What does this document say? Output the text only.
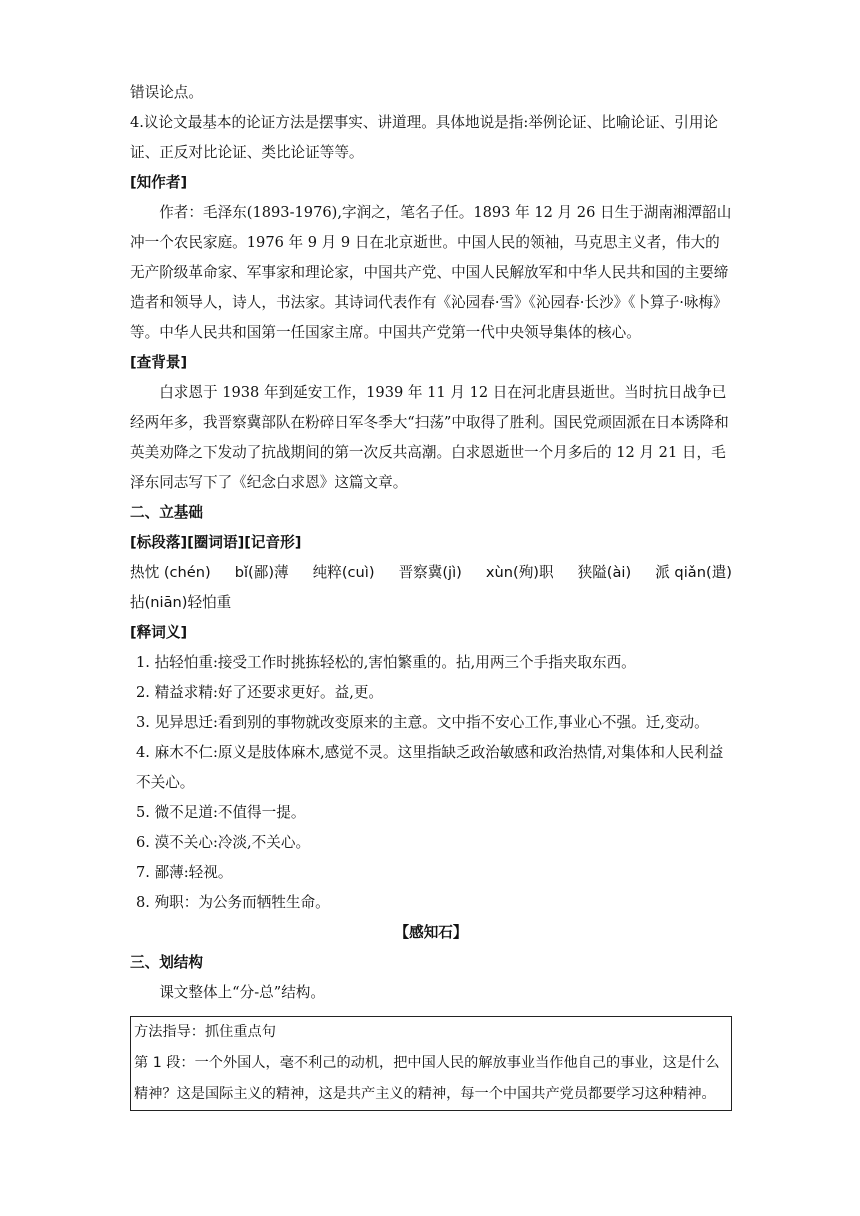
错误论点。

4.议论文最基本的论证方法是摆事实、讲道理。具体地说是指:举例论证、比喻论证、引用论证、正反对比论证、类比论证等等。

[知作者]

作者：毛泽东(1893-1976),字润之，笔名子任。1893 年 12 月 26 日生于湖南湘潭韶山冲一个农民家庭。1976 年 9 月 9 日在北京逝世。中国人民的领袖，马克思主义者，伟大的无产阶级革命家、军事家和理论家，中国共产党、中国人民解放军和中华人民共和国的主要缔造者和领导人，诗人，书法家。其诗词代表作有《沁园春·雪》《沁园春·长沙》《卜算子·咏梅》等。中华人民共和国第一任国家主席。中国共产党第一代中央领导集体的核心。

[查背景]

白求恩于 1938 年到延安工作，1939 年 11 月 12 日在河北唐县逝世。当时抗日战争已经两年多，我晋察冀部队在粉碎日军冬季大“扫荡”中取得了胜利。国民党顽固派在日本诱降和英美劝降之下发动了抗战期间的第一次反共高潮。白求恩逝世一个月多后的 12 月 21 日，毛泽东同志写下了《纪念白求恩》这篇文章。

二、立基础

[标段落][圈词语][记音形]

热忱 (chén) bǐ(鄙)薄 纯粹(cuì) 晋察冀(jì) xùn(殉)职 狭隘(ài) 派 qiǎn(遣)

拈(niān)轻怕重

[释词义]

1. 拈轻怕重:接受工作时挑拣轻松的,害怕繁重的。拈,用两三个手指夹取东西。

2. 精益求精:好了还要求更好。益,更。

3. 见异思迁:看到别的事物就改变原来的主意。文中指不安心工作,事业心不强。迁,变动。

4. 麻木不仁:原义是肢体麻木,感觉不灵。这里指缺乏政治敏感和政治热情,对集体和人民利益不关心。

5. 微不足道:不值得一提。

6. 漠不关心:冷淡,不关心。

7. 鄙薄:轻视。

8. 殉职：为公务而牺牲生命。

【感知石】

三、划结构

课文整体上“分-总”结构。

方法指导：抓住重点句

第 1 段：一个外国人，毫不利己的动机，把中国人民的解放事业当作他自己的事业，这是什么精神？这是国际主义的精神，这是共产主义的精神，每一个中国共产党员都要学习这种精神。
